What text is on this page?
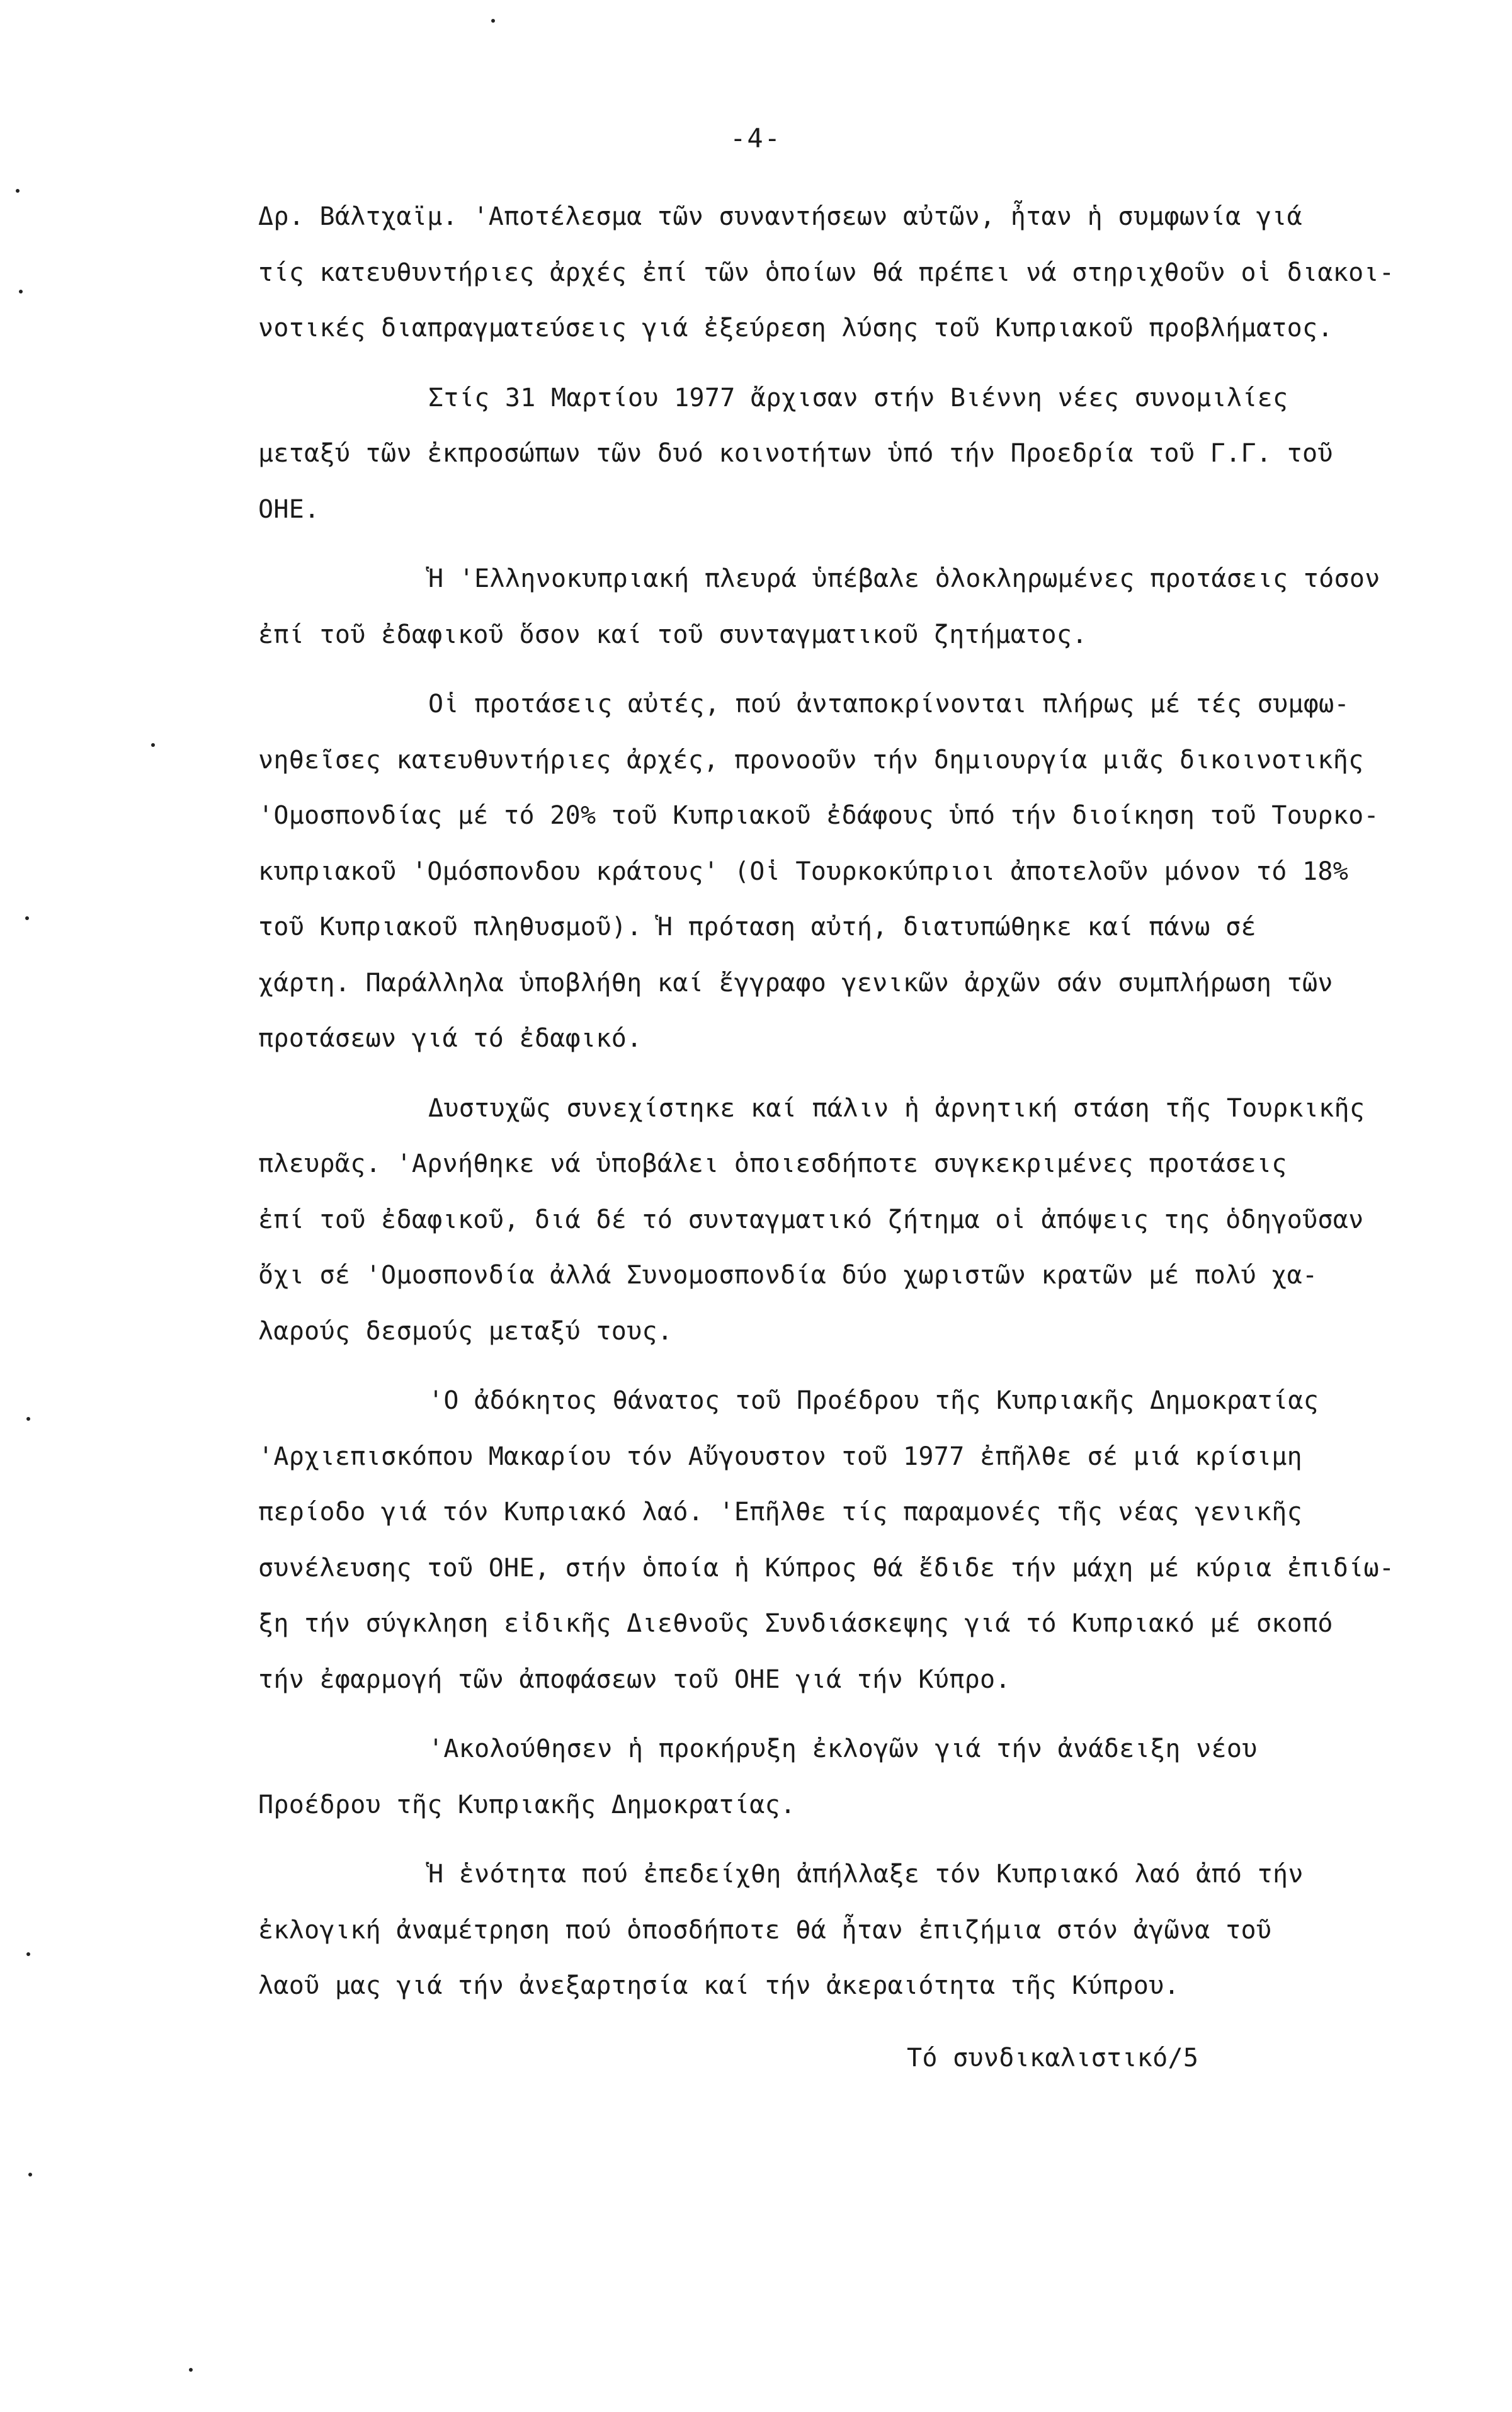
-4-
Δρ. Βάλτχαϊμ. 'Αποτέλεσμα τῶν συναντήσεων αὐτῶν, ἦταν ἡ συμφωνία γιά
τίς κατευθυντήριες ἀρχές ἐπί τῶν ὁποίων θά πρέπει νά στηριχθοῦν οἱ διακοι-
νοτικές διαπραγματεύσεις γιά ἐξεύρεση λύσης τοῦ Κυπριακοῦ προβλήματος.
Στίς 31 Μαρτίου 1977 ἄρχισαν στήν Βιέννη νέες συνομιλίες
μεταξύ τῶν ἐκπροσώπων τῶν δυό κοινοτήτων ὑπό τήν Προεδρία τοῦ Γ.Γ. τοῦ
ΟΗΕ.
Ἡ 'Ελληνοκυπριακή πλευρά ὑπέβαλε ὁλοκληρωμένες προτάσεις τόσον
ἐπί τοῦ ἐδαφικοῦ ὅσον καί τοῦ συνταγματικοῦ ζητήματος.
Οἱ προτάσεις αὐτές, πού ἀνταποκρίνονται πλήρως μέ τές συμφω-
νηθεῖσες κατευθυντήριες ἀρχές, προνοοῦν τήν δημιουργία μιᾶς δικοινοτικῆς
'Ομοσπονδίας μέ τό 20% τοῦ Κυπριακοῦ ἐδάφους ὑπό τήν διοίκηση τοῦ Τουρκο-
κυπριακοῦ 'Ομόσπονδου κράτους' (Οἱ Τουρκοκύπριοι ἀποτελοῦν μόνον τό 18%
τοῦ Κυπριακοῦ πληθυσμοῦ). Ἡ πρόταση αὐτή, διατυπώθηκε καί πάνω σέ
χάρτη. Παράλληλα ὑποβλήθη καί ἔγγραφο γενικῶν ἀρχῶν σάν συμπλήρωση τῶν
προτάσεων γιά τό ἐδαφικό.
Δυστυχῶς συνεχίστηκε καί πάλιν ἡ ἀρνητική στάση τῆς Τουρκικῆς
πλευρᾶς. 'Αρνήθηκε νά ὑποβάλει ὁποιεσδήποτε συγκεκριμένες προτάσεις
ἐπί τοῦ ἐδαφικοῦ, διά δέ τό συνταγματικό ζήτημα οἱ ἀπόψεις της ὁδηγοῦσαν
ὄχι σέ 'Ομοσπονδία ἀλλά Συνομοσπονδία δύο χωριστῶν κρατῶν μέ πολύ χα-
λαρούς δεσμούς μεταξύ τους.
'Ο ἀδόκητος θάνατος τοῦ Προέδρου τῆς Κυπριακῆς Δημοκρατίας
'Αρχιεπισκόπου Μακαρίου τόν Αὔγουστον τοῦ 1977 ἐπῆλθε σέ μιά κρίσιμη
περίοδο γιά τόν Κυπριακό λαό. 'Επῆλθε τίς παραμονές τῆς νέας γενικῆς
συνέλευσης τοῦ ΟΗΕ, στήν ὁποία ἡ Κύπρος θά ἔδιδε τήν μάχη μέ κύρια ἐπιδίω-
ξη τήν σύγκληση εἰδικῆς Διεθνοῦς Συνδιάσκεψης γιά τό Κυπριακό μέ σκοπό
τήν ἐφαρμογή τῶν ἀποφάσεων τοῦ ΟΗΕ γιά τήν Κύπρο.
'Ακολούθησεν ἡ προκήρυξη ἐκλογῶν γιά τήν ἀνάδειξη νέου
Προέδρου τῆς Κυπριακῆς Δημοκρατίας.
Ἡ ἑνότητα πού ἐπεδείχθη ἀπήλλαξε τόν Κυπριακό λαό ἀπό τήν
ἐκλογική ἀναμέτρηση πού ὁποσδήποτε θά ἦταν ἐπιζήμια στόν ἀγῶνα τοῦ
λαοῦ μας γιά τήν ἀνεξαρτησία καί τήν ἀκεραιότητα τῆς Κύπρου.
Τό συνδικαλιστικό/5
